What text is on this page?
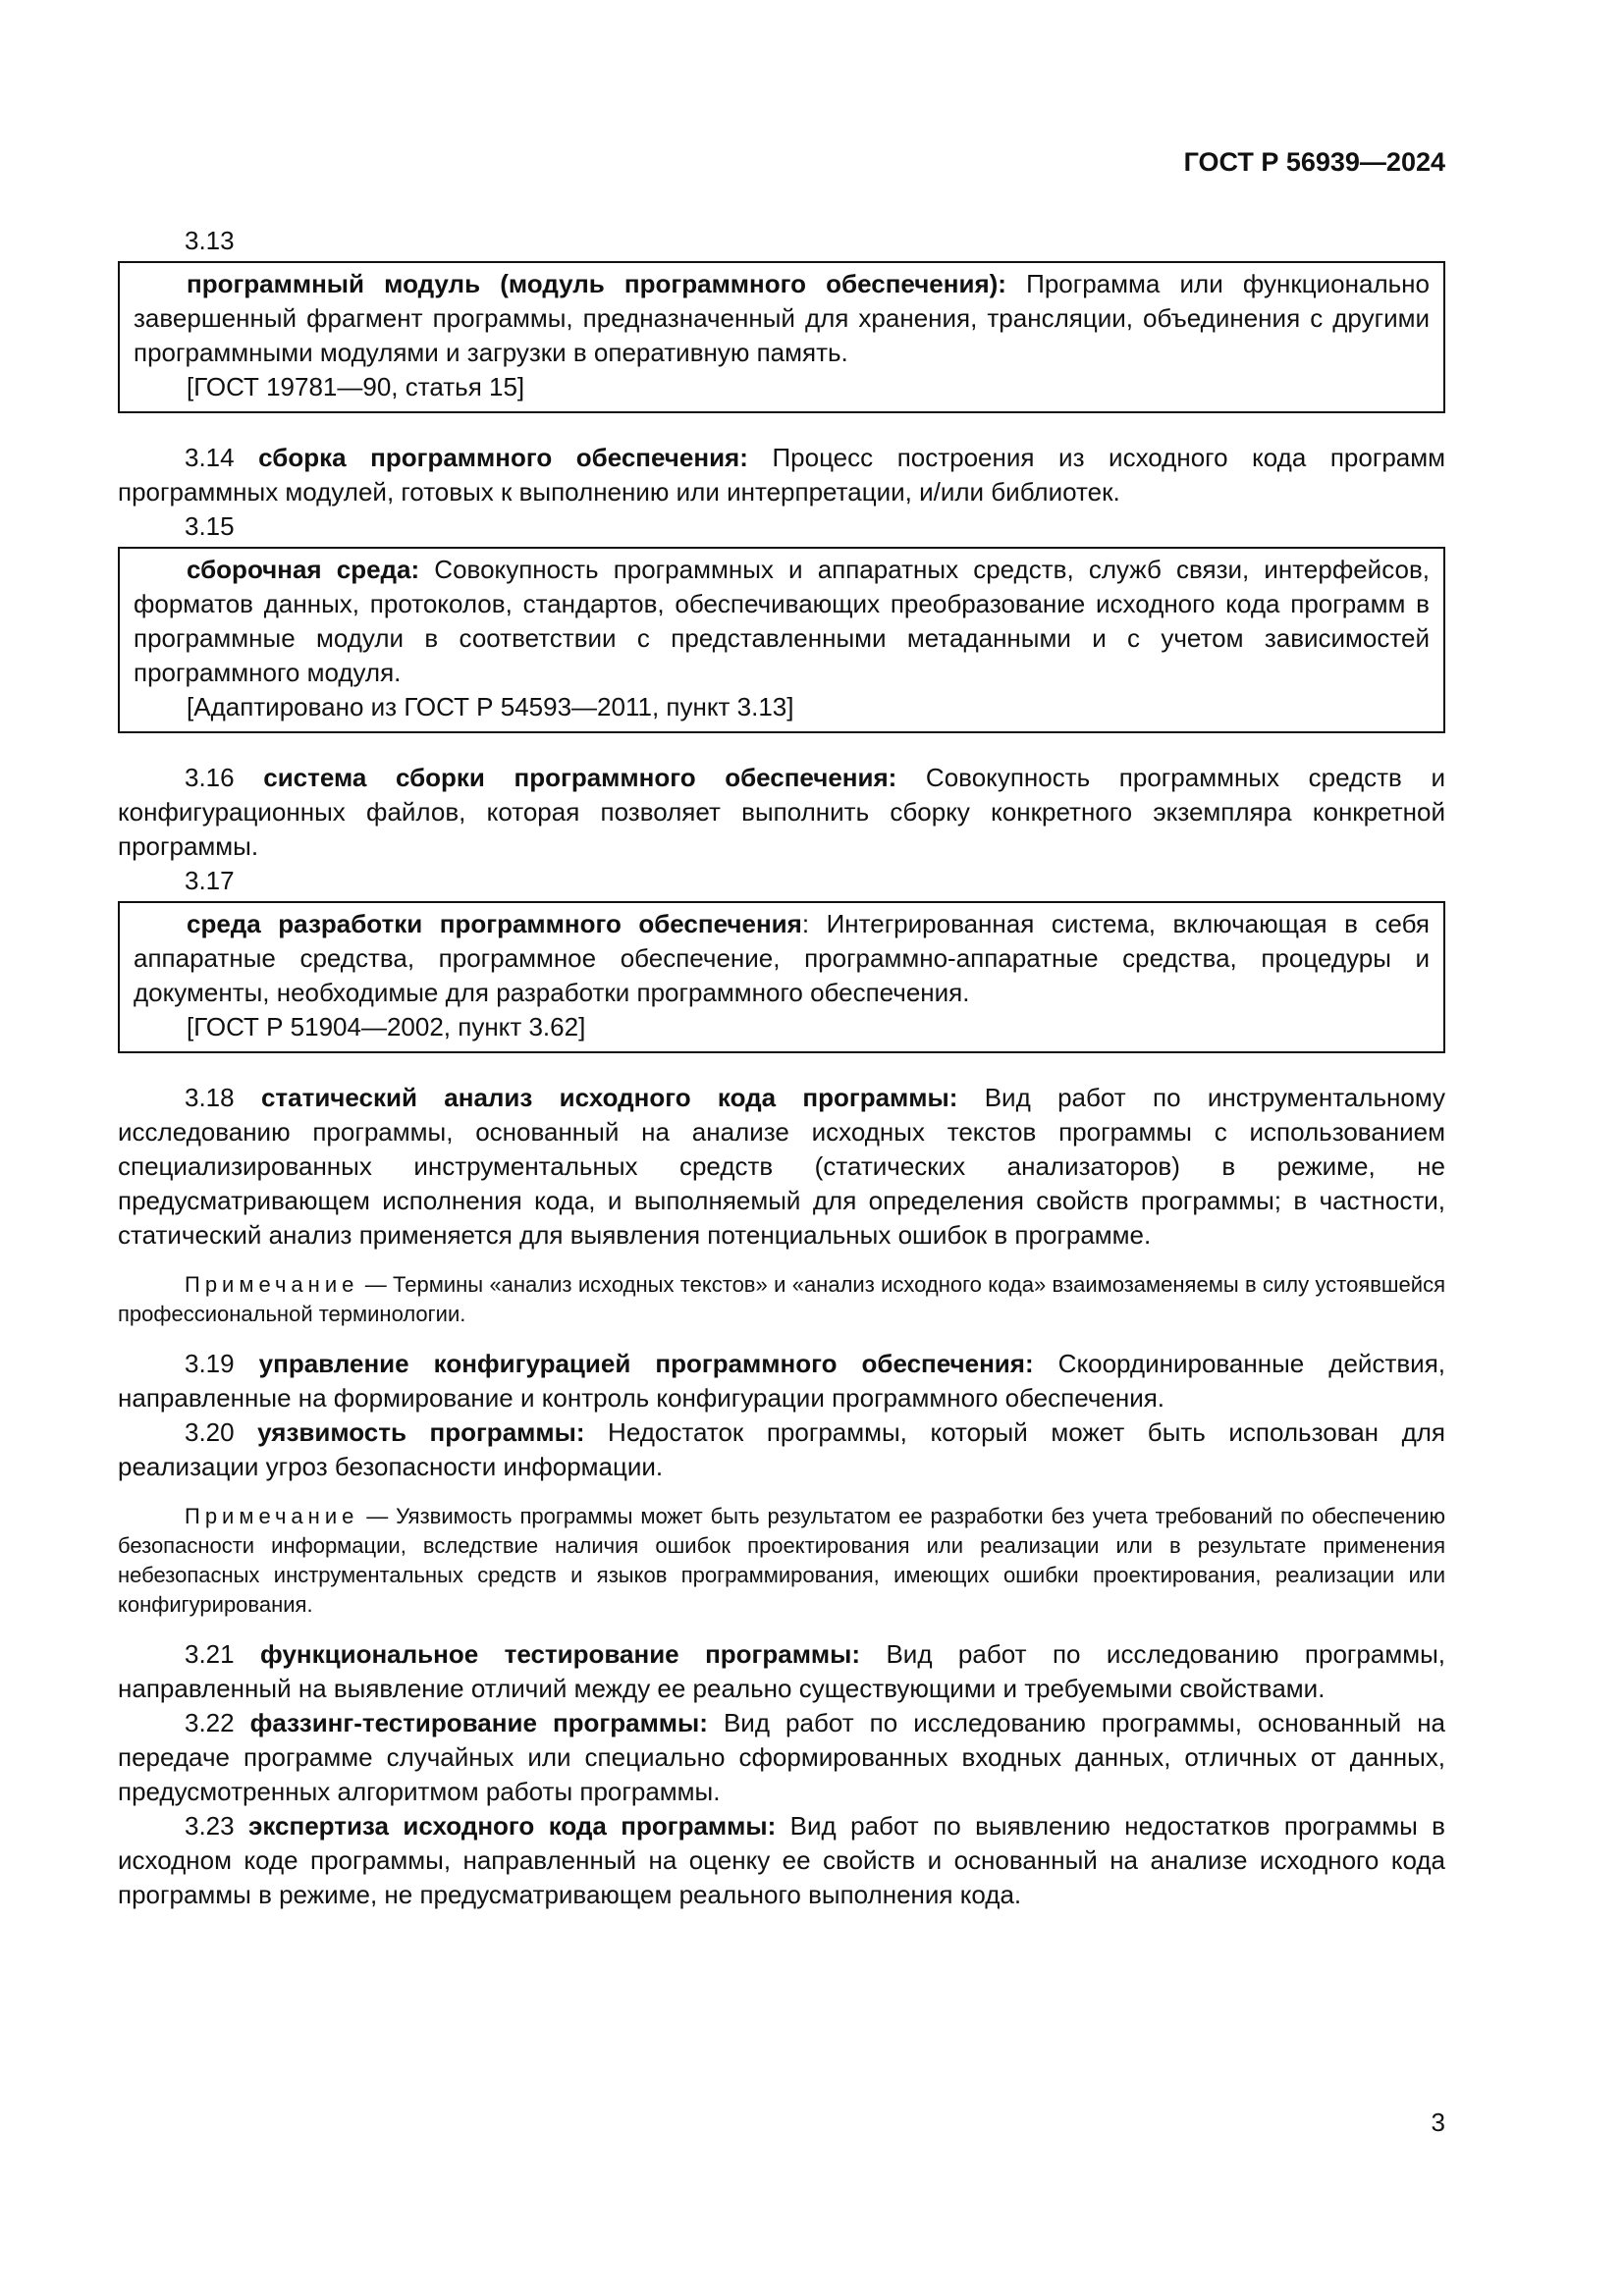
ГОСТ Р 56939—2024
3.13

программный модуль (модуль программного обеспечения): Программа или функционально завершенный фрагмент программы, предназначенный для хранения, трансляции, объединения с другими программными модулями и загрузки в оперативную память.

[ГОСТ 19781—90, статья 15]

3.14 сборка программного обеспечения: Процесс построения из исходного кода программ программных модулей, готовых к выполнению или интерпретации, и/или библиотек.

3.15

сборочная среда: Совокупность программных и аппаратных средств, служб связи, интерфейсов, форматов данных, протоколов, стандартов, обеспечивающих преобразование исходного кода программ в программные модули в соответствии с представленными метаданными и с учетом зависимостей программного модуля.

[Адаптировано из ГОСТ Р 54593—2011, пункт 3.13]

3.16 система сборки программного обеспечения: Совокупность программных средств и конфигурационных файлов, которая позволяет выполнить сборку конкретного экземпляра конкретной программы.

3.17

среда разработки программного обеспечения: Интегрированная система, включающая в себя аппаратные средства, программное обеспечение, программно-аппаратные средства, процедуры и документы, необходимые для разработки программного обеспечения.

[ГОСТ Р 51904—2002, пункт 3.62]

3.18 статический анализ исходного кода программы: Вид работ по инструментальному исследованию программы, основанный на анализе исходных текстов программы с использованием специализированных инструментальных средств (статических анализаторов) в режиме, не предусматривающем исполнения кода, и выполняемый для определения свойств программы; в частности, статический анализ применяется для выявления потенциальных ошибок в программе.

Примечание — Термины «анализ исходных текстов» и «анализ исходного кода» взаимозаменяемы в силу устоявшейся профессиональной терминологии.

3.19 управление конфигурацией программного обеспечения: Скоординированные действия, направленные на формирование и контроль конфигурации программного обеспечения.

3.20 уязвимость программы: Недостаток программы, который может быть использован для реализации угроз безопасности информации.

Примечание — Уязвимость программы может быть результатом ее разработки без учета требований по обеспечению безопасности информации, вследствие наличия ошибок проектирования или реализации или в результате применения небезопасных инструментальных средств и языков программирования, имеющих ошибки проектирования, реализации или конфигурирования.

3.21 функциональное тестирование программы: Вид работ по исследованию программы, направленный на выявление отличий между ее реально существующими и требуемыми свойствами.

3.22 фаззинг-тестирование программы: Вид работ по исследованию программы, основанный на передаче программе случайных или специально сформированных входных данных, отличных от данных, предусмотренных алгоритмом работы программы.

3.23 экспертиза исходного кода программы: Вид работ по выявлению недостатков программы в исходном коде программы, направленный на оценку ее свойств и основанный на анализе исходного кода программы в режиме, не предусматривающем реального выполнения кода.

3
